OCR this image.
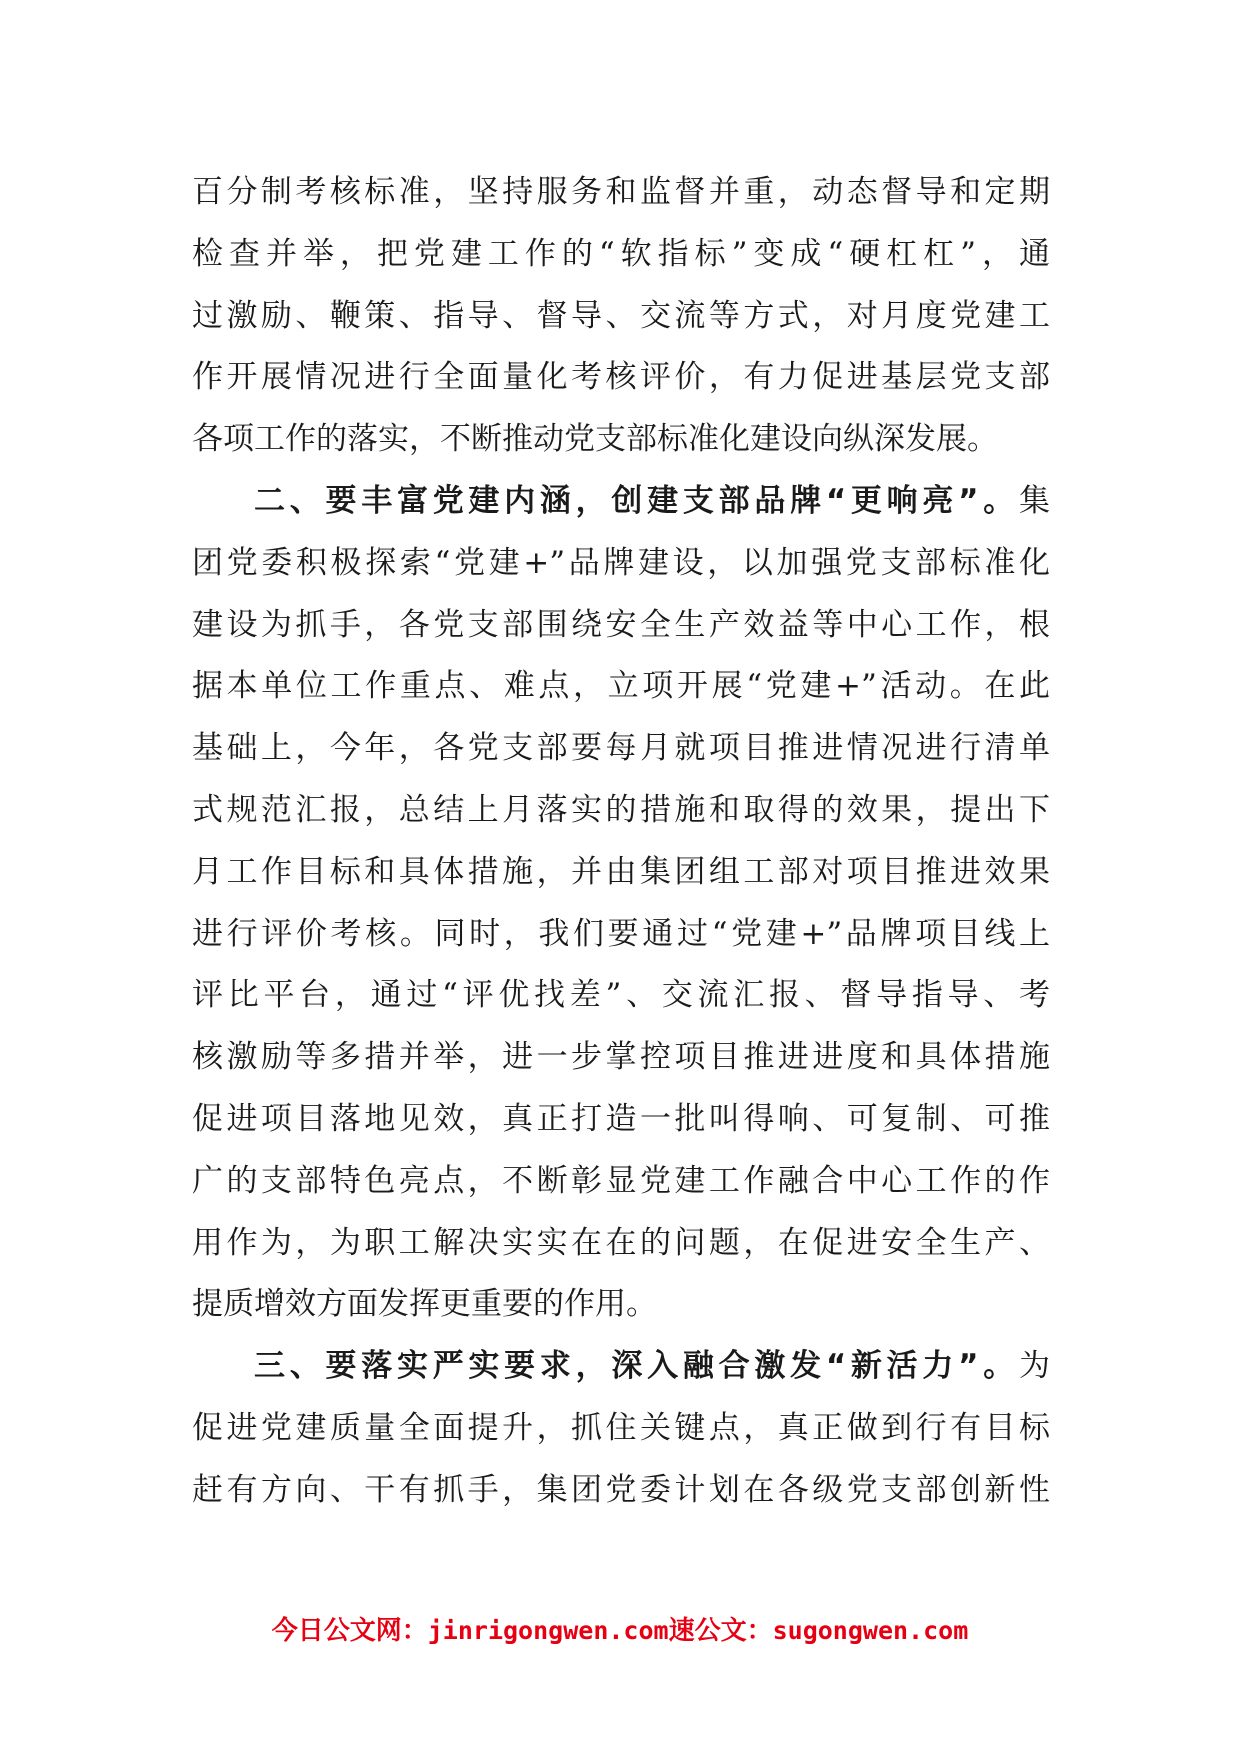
百分制考核标准，坚持服务和监督并重，动态督导和定期
检查并举，把党建工作的“软指标”变成“硬杠杠”，通
过激励、鞭策、指导、督导、交流等方式，对月度党建工
作开展情况进行全面量化考核评价，有力促进基层党支部
各项工作的落实，不断推动党支部标准化建设向纵深发展。
二、要丰富党建内涵，创建支部品牌“更响亮”。集
团党委积极探索“党建+”品牌建设，以加强党支部标准化
建设为抓手，各党支部围绕安全生产效益等中心工作，根
据本单位工作重点、难点，立项开展“党建+”活动。在此
基础上，今年，各党支部要每月就项目推进情况进行清单
式规范汇报，总结上月落实的措施和取得的效果，提出下
月工作目标和具体措施，并由集团组工部对项目推进效果
进行评价考核。同时，我们要通过“党建+”品牌项目线上
评比平台，通过“评优找差”、交流汇报、督导指导、考
核激励等多措并举，进一步掌控项目推进进度和具体措施
促进项目落地见效，真正打造一批叫得响、可复制、可推
广的支部特色亮点，不断彰显党建工作融合中心工作的作
用作为，为职工解决实实在在的问题，在促进安全生产、
提质增效方面发挥更重要的作用。
三、要落实严实要求，深入融合激发“新活力”。为
促进党建质量全面提升，抓住关键点，真正做到行有目标
赶有方向、干有抓手，集团党委计划在各级党支部创新性
今日公文网：jinrigongwen.com速公文：sugongwen.com
